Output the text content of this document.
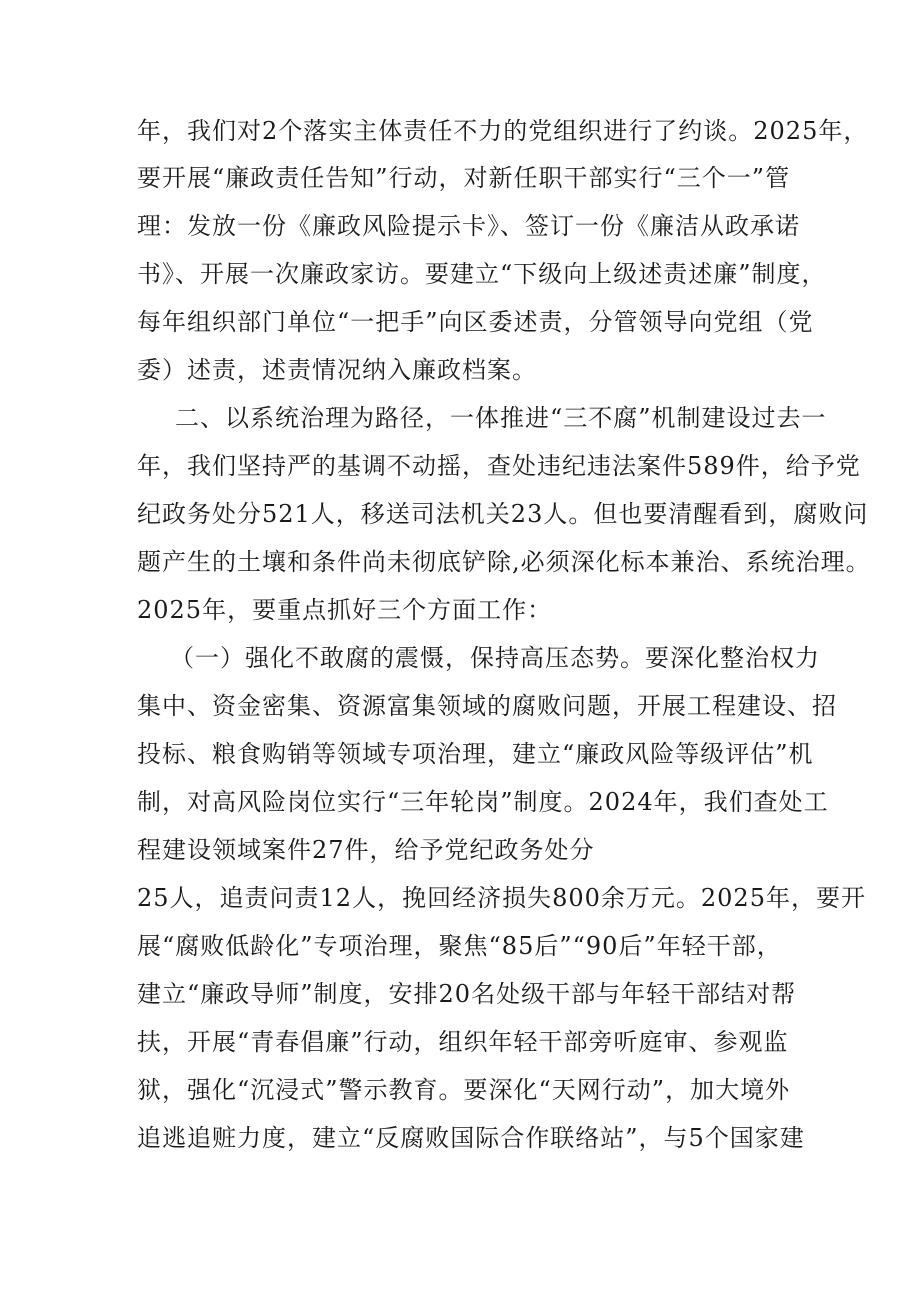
年，我们对2个落实主体责任不力的党组织进行了约谈。2025年，
要开展“廉政责任告知”行动，对新任职干部实行“三个一”管
理：发放一份《廉政风险提示卡》、签订一份《廉洁从政承诺
书》、开展一次廉政家访。要建立“下级向上级述责述廉”制度，
每年组织部门单位“一把手”向区委述责，分管领导向党组（党
委）述责，述责情况纳入廉政档案。
二、以系统治理为路径，一体推进“三不腐”机制建设过去一
年，我们坚持严的基调不动摇，查处违纪违法案件589件，给予党
纪政务处分521人，移送司法机关23人。但也要清醒看到，腐败问
题产生的土壤和条件尚未彻底铲除,必须深化标本兼治、系统治理。
2025年，要重点抓好三个方面工作：
（一）强化不敢腐的震慑，保持高压态势。要深化整治权力
集中、资金密集、资源富集领域的腐败问题，开展工程建设、招
投标、粮食购销等领域专项治理，建立“廉政风险等级评估”机
制，对高风险岗位实行“三年轮岗”制度。2024年，我们查处工
程建设领域案件27件，给予党纪政务处分
25人，追责问责12人，挽回经济损失800余万元。2025年，要开
展“腐败低龄化”专项治理，聚焦“85后”“90后”年轻干部，
建立“廉政导师”制度，安排20名处级干部与年轻干部结对帮
扶，开展“青春倡廉”行动，组织年轻干部旁听庭审、参观监
狱，强化“沉浸式”警示教育。要深化“天网行动”，加大境外
追逃追赃力度，建立“反腐败国际合作联络站”，与5个国家建
